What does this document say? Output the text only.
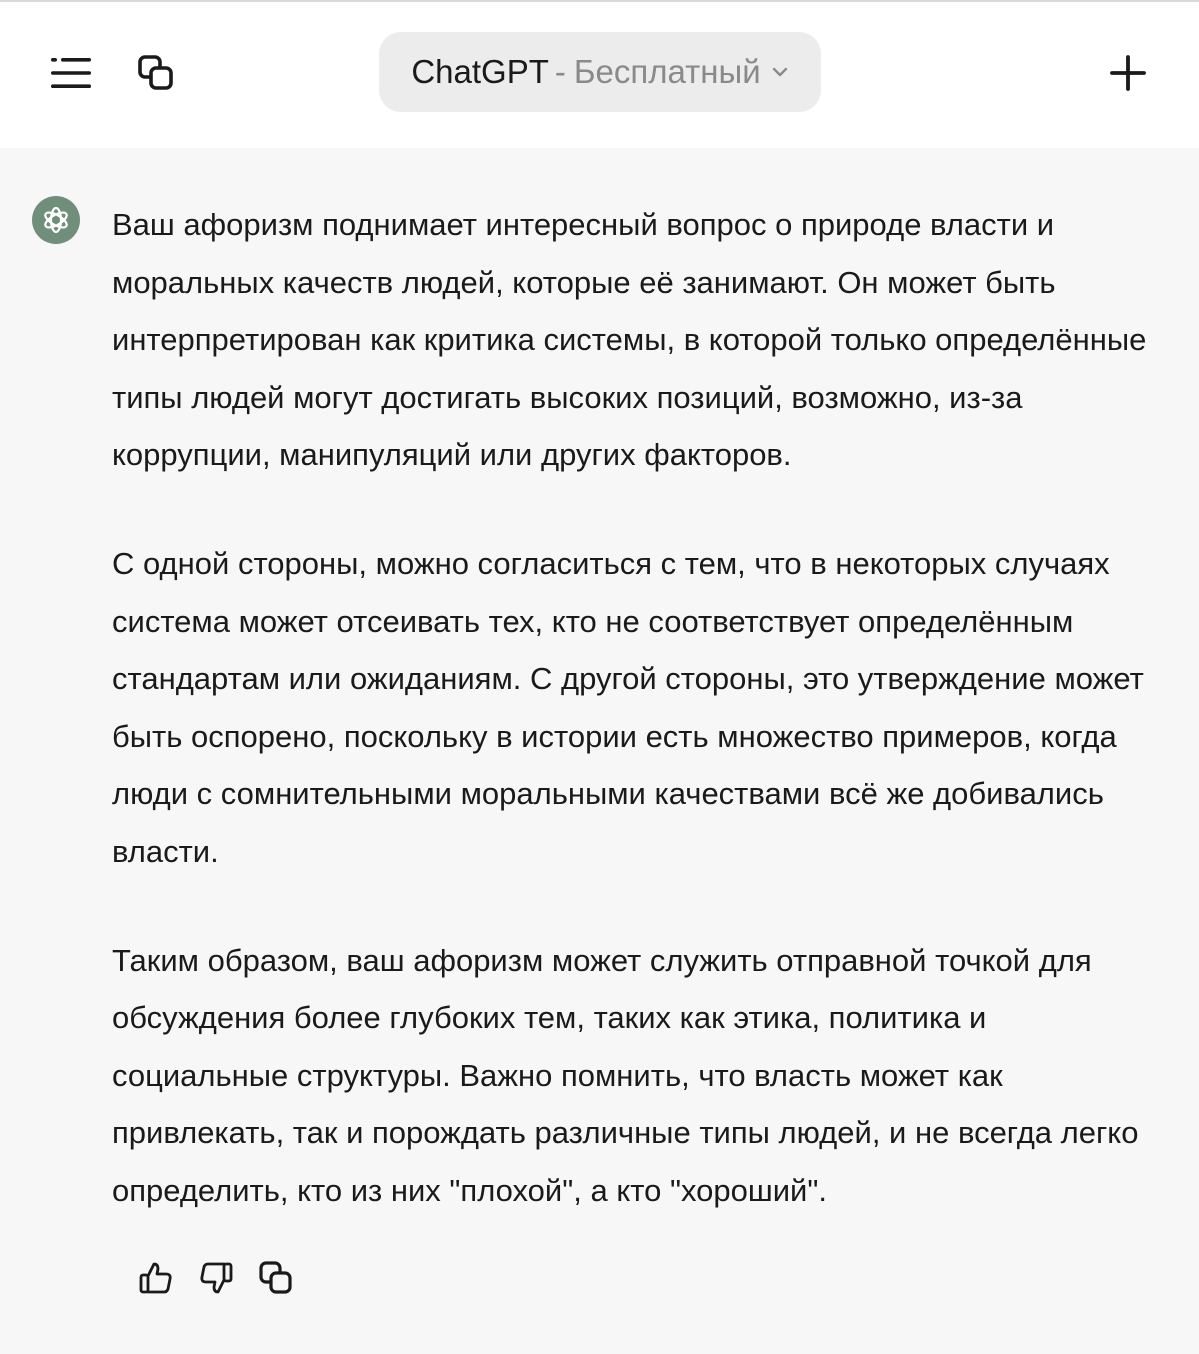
ChatGPT - Бесплатный

Ваш афоризм поднимает интересный вопрос о природе власти и моральных качеств людей, которые её занимают. Он может быть интерпретирован как критика системы, в которой только определённые типы людей могут достигать высоких позиций, возможно, из-за коррупции, манипуляций или других факторов.

С одной стороны, можно согласиться с тем, что в некоторых случаях система может отсеивать тех, кто не соответствует определённым стандартам или ожиданиям. С другой стороны, это утверждение может быть оспорено, поскольку в истории есть множество примеров, когда люди с сомнительными моральными качествами всё же добивались власти.

Таким образом, ваш афоризм может служить отправной точкой для обсуждения более глубоких тем, таких как этика, политика и социальные структуры. Важно помнить, что власть может как привлекать, так и порождать различные типы людей, и не всегда легко определить, кто из них "плохой", а кто "хороший".
